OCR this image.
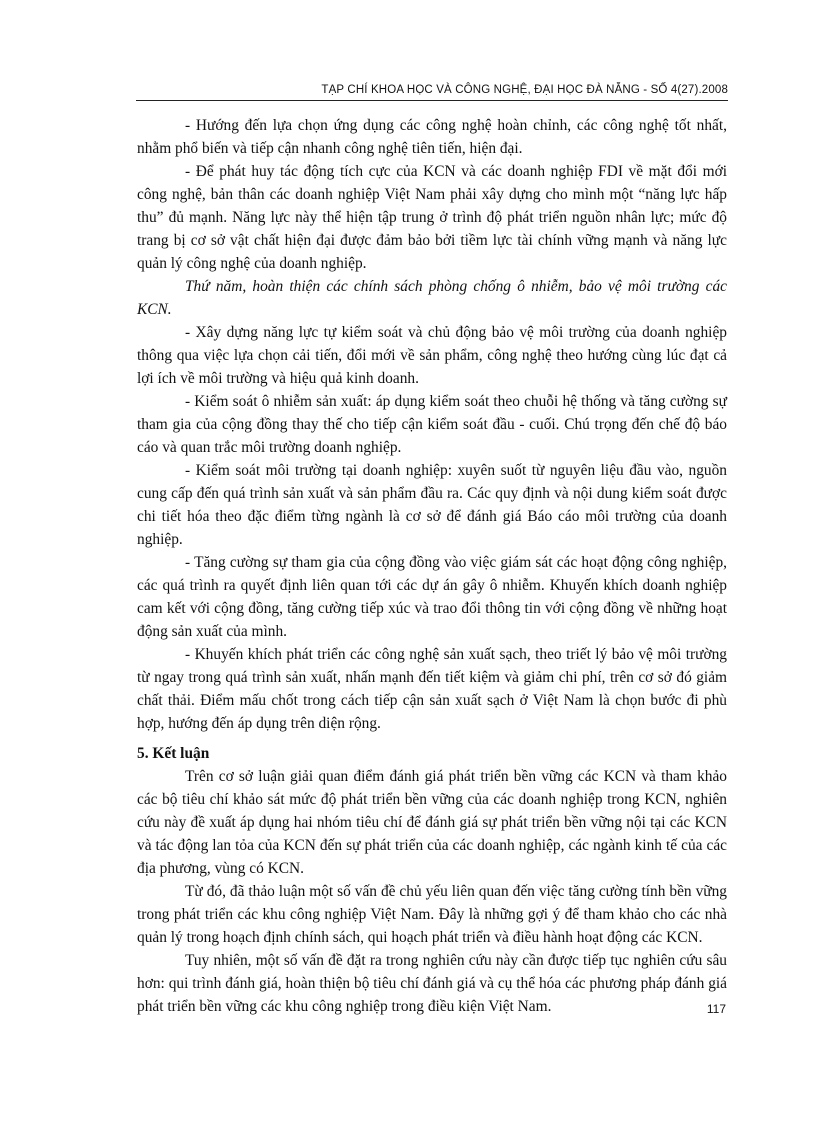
TẠP CHÍ KHOA HỌC VÀ CÔNG NGHỆ, ĐẠI HỌC ĐÀ NẴNG - SỐ 4(27).2008

- Hướng đến lựa chọn ứng dụng các công nghệ hoàn chỉnh, các công nghệ tốt nhất, nhằm phổ biến và tiếp cận nhanh công nghệ tiên tiến, hiện đại.

- Để phát huy tác động tích cực của KCN và các doanh nghiệp FDI về mặt đổi mới công nghệ, bản thân các doanh nghiệp Việt Nam phải xây dựng cho mình một “năng lực hấp thu” đủ mạnh. Năng lực này thể hiện tập trung ở trình độ phát triển nguồn nhân lực; mức độ trang bị cơ sở vật chất hiện đại được đảm bảo bởi tiềm lực tài chính vững mạnh và năng lực quản lý công nghệ của doanh nghiệp.

Thứ năm, hoàn thiện các chính sách phòng chống ô nhiễm, bảo vệ môi trường các KCN.

- Xây dựng năng lực tự kiểm soát và chủ động bảo vệ môi trường của doanh nghiệp thông qua việc lựa chọn cải tiến, đổi mới về sản phẩm, công nghệ theo hướng cùng lúc đạt cả lợi ích về môi trường và hiệu quả kinh doanh.

- Kiểm soát ô nhiễm sản xuất: áp dụng kiểm soát theo chuỗi hệ thống và tăng cường sự tham gia của cộng đồng thay thế cho tiếp cận kiểm soát đầu - cuối. Chú trọng đến chế độ báo cáo và quan trắc môi trường doanh nghiệp.

- Kiểm soát môi trường tại doanh nghiệp: xuyên suốt từ nguyên liệu đầu vào, nguồn cung cấp đến quá trình sản xuất và sản phẩm đầu ra. Các quy định và nội dung kiểm soát được chi tiết hóa theo đặc điểm từng ngành là cơ sở để đánh giá Báo cáo môi trường của doanh nghiệp.

- Tăng cường sự tham gia của cộng đồng vào việc giám sát các hoạt động công nghiệp, các quá trình ra quyết định liên quan tới các dự án gây ô nhiễm. Khuyến khích doanh nghiệp cam kết với cộng đồng, tăng cường tiếp xúc và trao đổi thông tin với cộng đồng về những hoạt động sản xuất của mình.

- Khuyến khích phát triển các công nghệ sản xuất sạch, theo triết lý bảo vệ môi trường từ ngay trong quá trình sản xuất, nhấn mạnh đến tiết kiệm và giảm chi phí, trên cơ sở đó giảm chất thải. Điểm mấu chốt trong cách tiếp cận sản xuất sạch ở Việt Nam là chọn bước đi phù hợp, hướng đến áp dụng trên diện rộng.

5. Kết luận

Trên cơ sở luận giải quan điểm đánh giá phát triển bền vững các KCN và tham khảo các bộ tiêu chí khảo sát mức độ phát triển bền vững của các doanh nghiệp trong KCN, nghiên cứu này đề xuất áp dụng hai nhóm tiêu chí để đánh giá sự phát triển bền vững nội tại các KCN và tác động lan tỏa của KCN đến sự phát triển của các doanh nghiệp, các ngành kinh tế của các địa phương, vùng có KCN.

Từ đó, đã thảo luận một số vấn đề chủ yếu liên quan đến việc tăng cường tính bền vững trong phát triển các khu công nghiệp Việt Nam. Đây là những gợi ý để tham khảo cho các nhà quản lý trong hoạch định chính sách, qui hoạch phát triển và điều hành hoạt động các KCN.

Tuy nhiên, một số vấn đề đặt ra trong nghiên cứu này cần được tiếp tục nghiên cứu sâu hơn: qui trình đánh giá, hoàn thiện bộ tiêu chí đánh giá và cụ thể hóa các phương pháp đánh giá phát triển bền vững các khu công nghiệp trong điều kiện Việt Nam.	117
